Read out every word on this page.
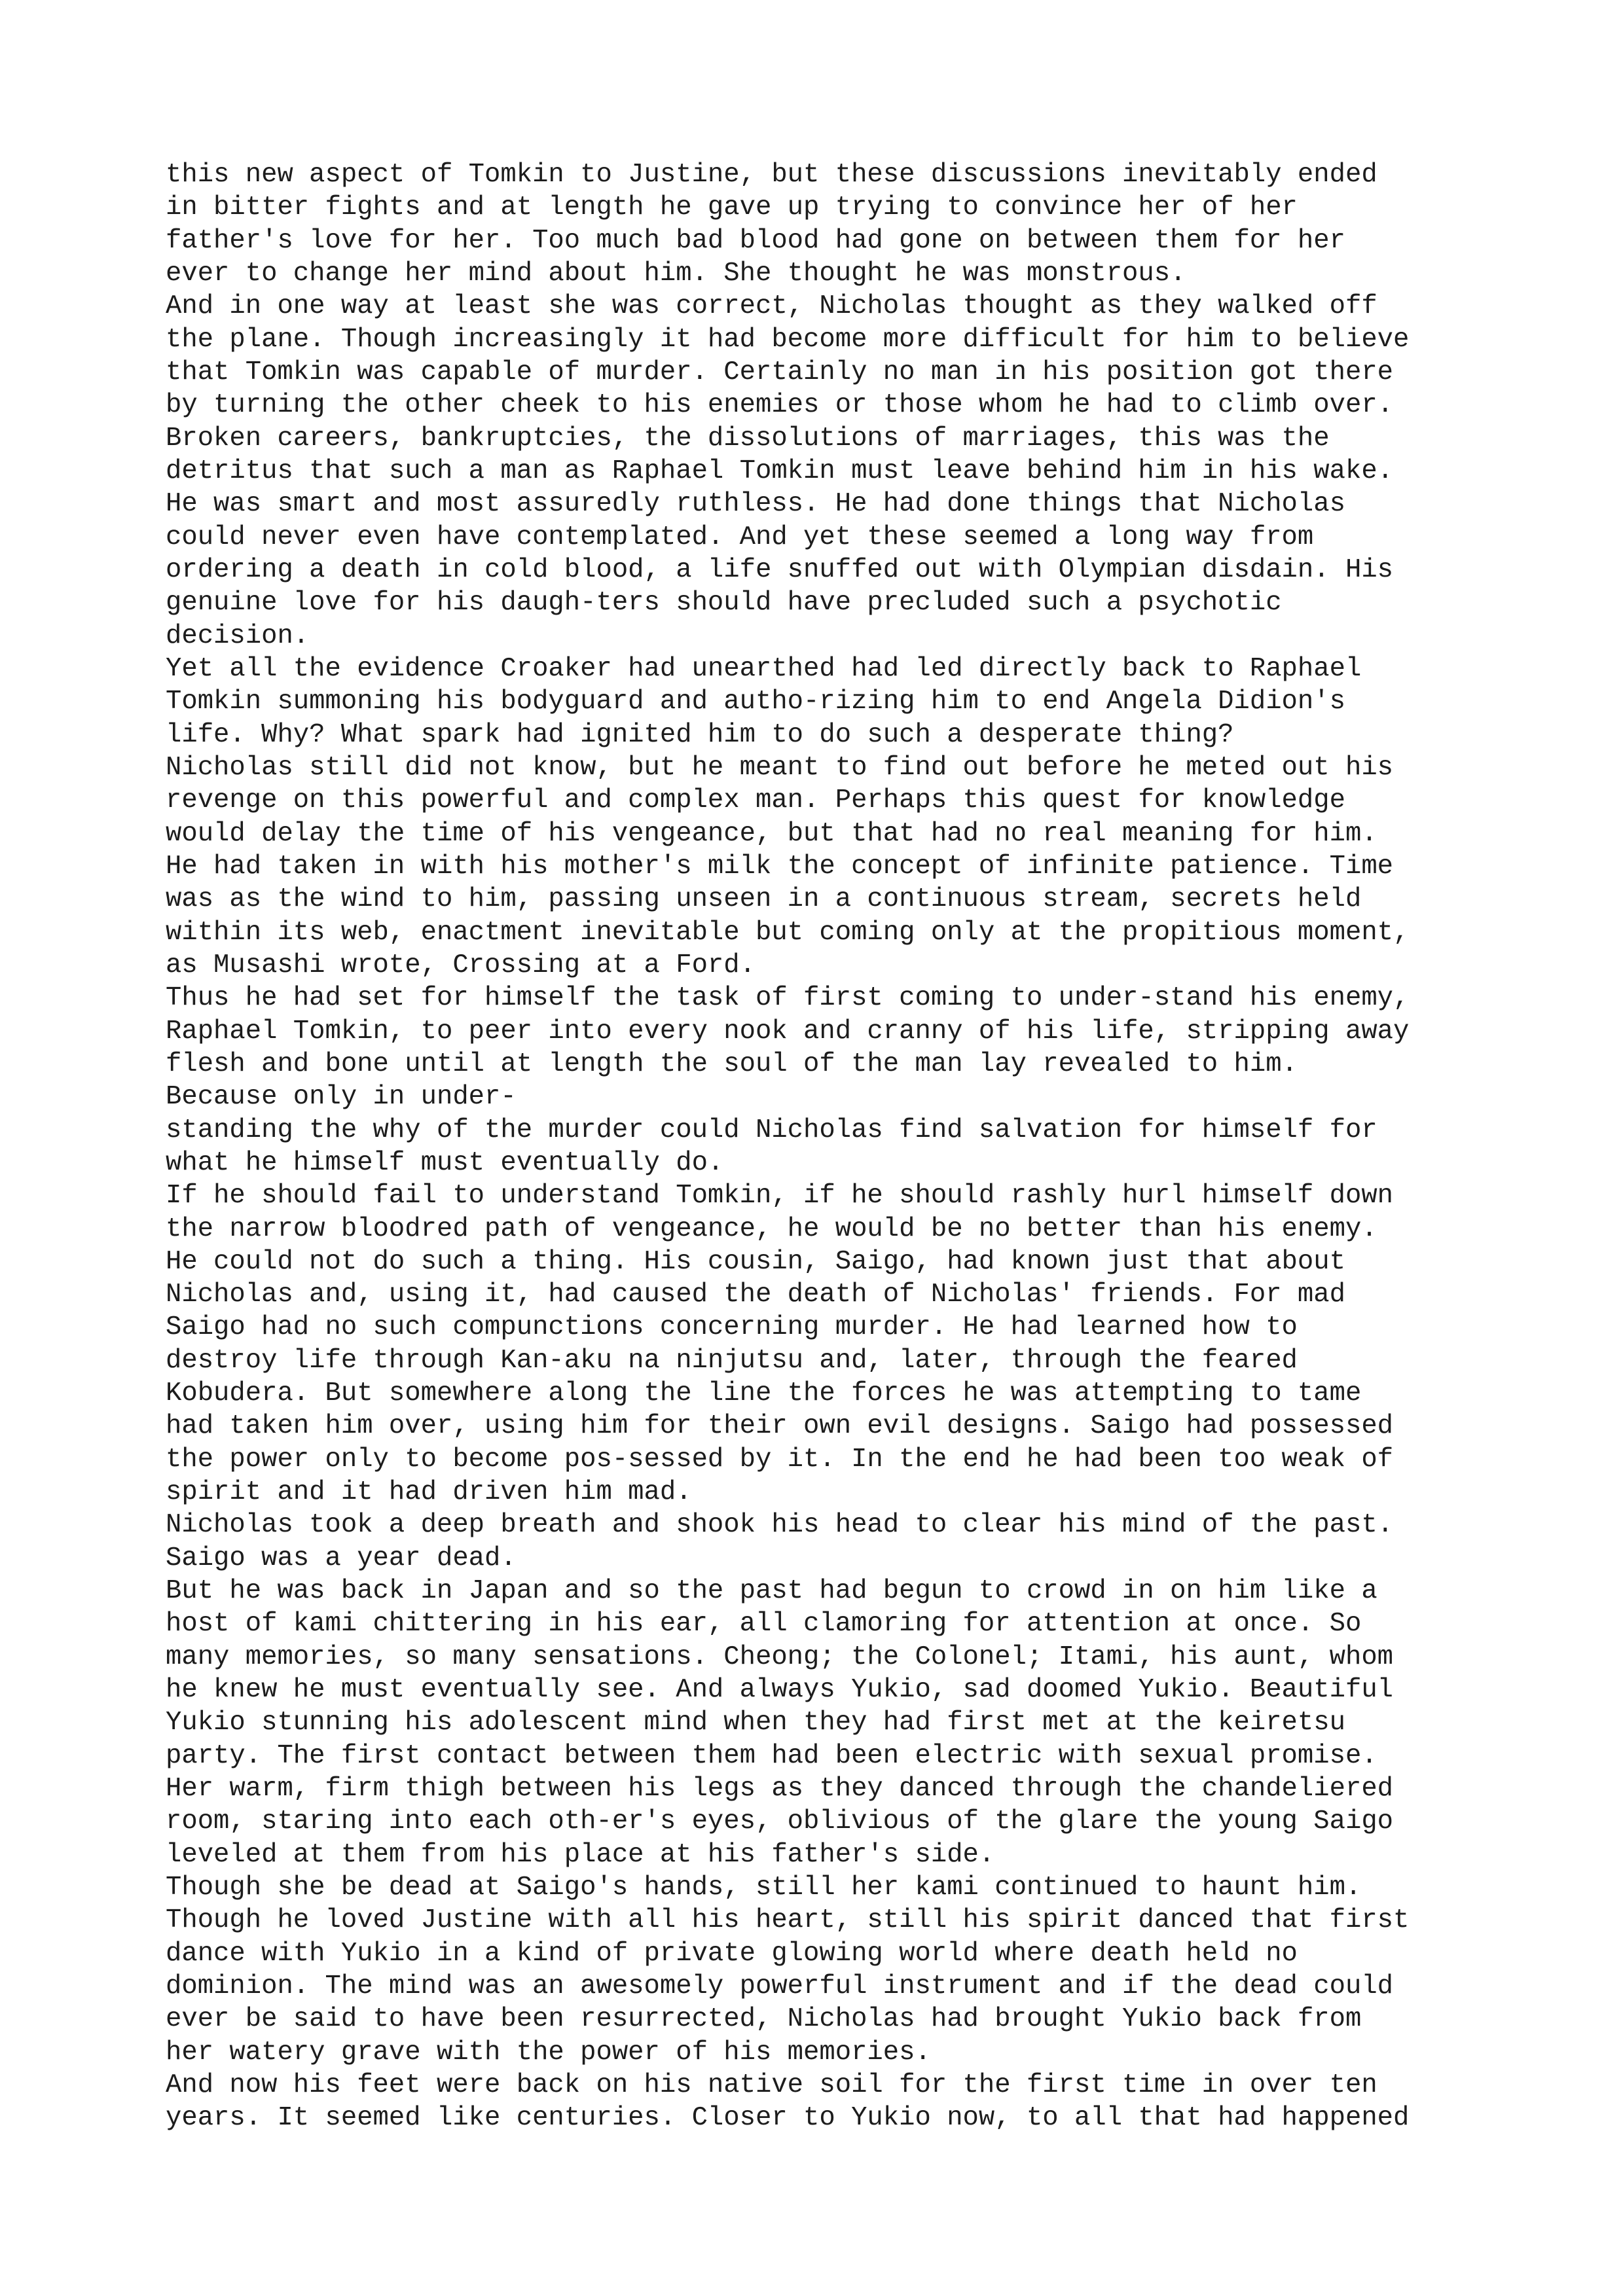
this new aspect of Tomkin to Justine, but these discussions inevitably ended
in bitter fights and at length he gave up trying to convince her of her
father's love for her. Too much bad blood had gone on between them for her
ever to change her mind about him. She thought he was monstrous.
And in one way at least she was correct, Nicholas thought as they walked off
the plane. Though increasingly it had become more difficult for him to believe
that Tomkin was capable of murder. Certainly no man in his position got there
by turning the other cheek to his enemies or those whom he had to climb over.
Broken careers, bankruptcies, the dissolutions of marriages, this was the
detritus that such a man as Raphael Tomkin must leave behind him in his wake.
He was smart and most assuredly ruthless. He had done things that Nicholas
could never even have contemplated. And yet these seemed a long way from
ordering a death in cold blood, a life snuffed out with Olympian disdain. His
genuine love for his daugh-ters should have precluded such a psychotic
decision.
Yet all the evidence Croaker had unearthed had led directly back to Raphael
Tomkin summoning his bodyguard and autho-rizing him to end Angela Didion's
life. Why? What spark had ignited him to do such a desperate thing?
Nicholas still did not know, but he meant to find out before he meted out his
revenge on this powerful and complex man. Perhaps this quest for knowledge
would delay the time of his vengeance, but that had no real meaning for him.
He had taken in with his mother's milk the concept of infinite patience. Time
was as the wind to him, passing unseen in a continuous stream, secrets held
within its web, enactment inevitable but coming only at the propitious moment,
as Musashi wrote, Crossing at a Ford.
Thus he had set for himself the task of first coming to under-stand his enemy,
Raphael Tomkin, to peer into every nook and cranny of his life, stripping away
flesh and bone until at length the soul of the man lay revealed to him.
Because only in under-
standing the why of the murder could Nicholas find salvation for himself for
what he himself must eventually do.
If he should fail to understand Tomkin, if he should rashly hurl himself down
the narrow bloodred path of vengeance, he would be no better than his enemy.
He could not do such a thing. His cousin, Saigo, had known just that about
Nicholas and, using it, had caused the death of Nicholas' friends. For mad
Saigo had no such compunctions concerning murder. He had learned how to
destroy life through Kan-aku na ninjutsu and, later, through the feared
Kobudera. But somewhere along the line the forces he was attempting to tame
had taken him over, using him for their own evil designs. Saigo had possessed
the power only to become pos-sessed by it. In the end he had been too weak of
spirit and it had driven him mad.
Nicholas took a deep breath and shook his head to clear his mind of the past.
Saigo was a year dead.
But he was back in Japan and so the past had begun to crowd in on him like a
host of kami chittering in his ear, all clamoring for attention at once. So
many memories, so many sensations. Cheong; the Colonel; Itami, his aunt, whom
he knew he must eventually see. And always Yukio, sad doomed Yukio. Beautiful
Yukio stunning his adolescent mind when they had first met at the keiretsu
party. The first contact between them had been electric with sexual promise.
Her warm, firm thigh between his legs as they danced through the chandeliered
room, staring into each oth-er's eyes, oblivious of the glare the young Saigo
leveled at them from his place at his father's side.
Though she be dead at Saigo's hands, still her kami continued to haunt him.
Though he loved Justine with all his heart, still his spirit danced that first
dance with Yukio in a kind of private glowing world where death held no
dominion. The mind was an awesomely powerful instrument and if the dead could
ever be said to have been resurrected, Nicholas had brought Yukio back from
her watery grave with the power of his memories.
And now his feet were back on his native soil for the first time in over ten
years. It seemed like centuries. Closer to Yukio now, to all that had happened
